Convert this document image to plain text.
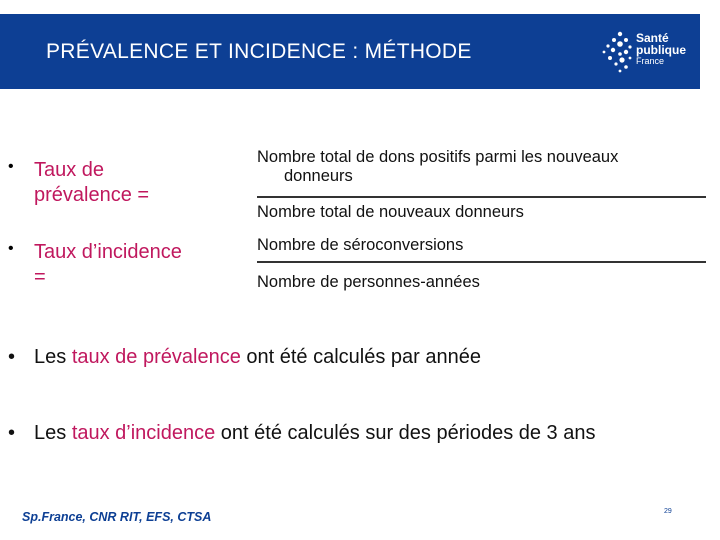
PRÉVALENCE ET INCIDENCE : MÉTHODE
Santé
publique
France
•	Taux de
prévalence =
Nombre total de dons positifs parmi les nouveaux
donneurs
Nombre total de nouveaux donneurs
•	Taux d’incidence
=
Nombre de séroconversions
Nombre de personnes-années
• Les taux de prévalence ont été calculés par année
• Les taux d’incidence ont été calculés sur des périodes de 3 ans
Sp.France, CNR RIT, EFS, CTSA	29
